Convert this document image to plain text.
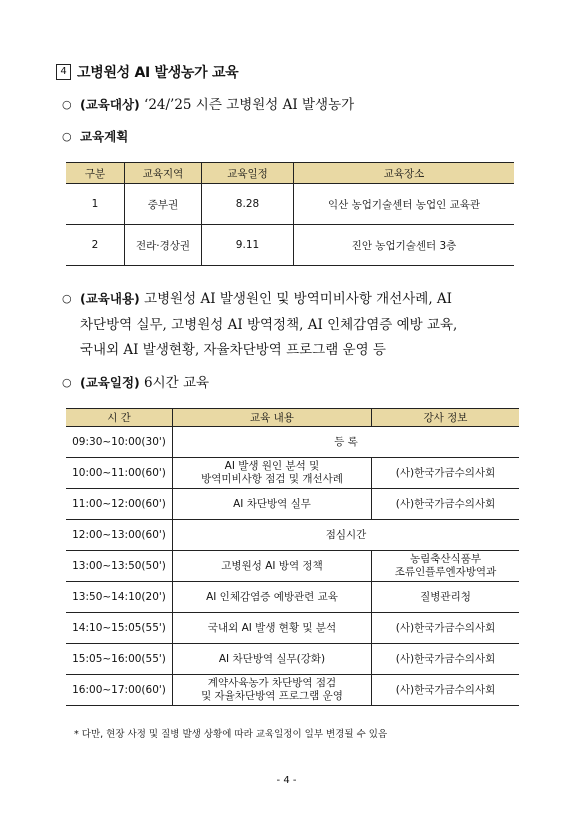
4 고병원성 AI 발생농가 교육
○ (교육대상) ‘24/’25 시즌 고병원성 AI 발생농가
○ 교육계획
구분	교육지역	교육일정	교육장소
1	중부권	8.28	익산 농업기술센터 농업인 교육관
2	전라·경상권	9.11	진안 농업기술센터 3층
○ (교육내용) 고병원성 AI 발생원인 및 방역미비사항 개선사례, AI
차단방역 실무, 고병원성 AI 방역정책, AI 인체감염증 예방 교육,
국내외 AI 발생현황, 자율차단방역 프로그램 운영 등
○ (교육일정) 6시간 교육
시 간	교육 내용	강사 정보

09:30~10:00(30')	등 록	

10:00~11:00(60')	AI 발생 원인 분석 및
방역미비사항 점검 및 개선사례	(사)한국가금수의사회

11:00~12:00(60')	AI 차단방역 실무	(사)한국가금수의사회

12:00~13:00(60')	점심시간	

13:00~13:50(50')	고병원성 AI 방역 정책	농림축산식품부
조류인플루엔자방역과

13:50~14:10(20')	AI 인체감염증 예방관련 교육	질병관리청

14:10~15:05(55')	국내외 AI 발생 현황 및 분석	(사)한국가금수의사회

15:05~16:00(55')	AI 차단방역 실무(강화)	(사)한국가금수의사회

16:00~17:00(60')	계약사육농가 차단방역 점검
및 자율차단방역 프로그램 운영	(사)한국가금수의사회
* 다만, 현장 사정 및 질병 발생 상황에 따라 교육일정이 일부 변경될 수 있음
- 4 -
